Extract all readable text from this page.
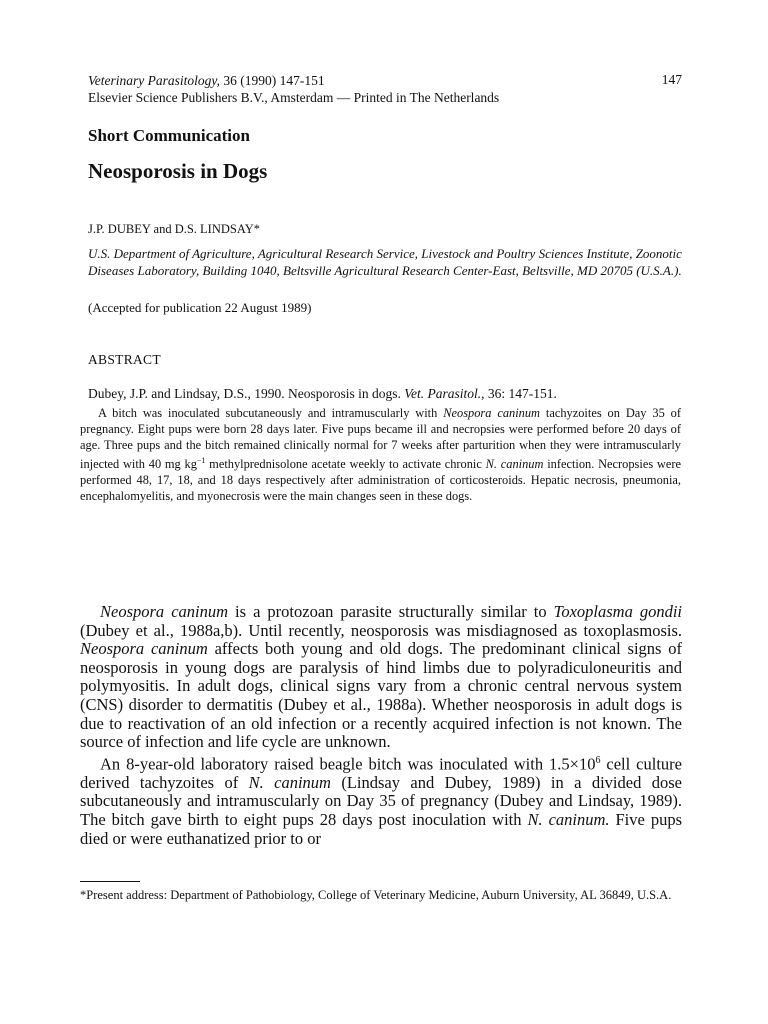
Veterinary Parasitology, 36 (1990) 147-151
Elsevier Science Publishers B.V., Amsterdam — Printed in The Netherlands
147
Short Communication
Neosporosis in Dogs
J.P. DUBEY and D.S. LINDSAY*
U.S. Department of Agriculture, Agricultural Research Service, Livestock and Poultry Sciences Institute, Zoonotic Diseases Laboratory, Building 1040, Beltsville Agricultural Research Center-East, Beltsville, MD 20705 (U.S.A.).
(Accepted for publication 22 August 1989)
ABSTRACT
Dubey, J.P. and Lindsay, D.S., 1990. Neosporosis in dogs. Vet. Parasitol., 36: 147-151.

A bitch was inoculated subcutaneously and intramuscularly with Neospora caninum tachyzoites on Day 35 of pregnancy. Eight pups were born 28 days later. Five pups became ill and necropsies were performed before 20 days of age. Three pups and the bitch remained clinically normal for 7 weeks after parturition when they were intramuscularly injected with 40 mg $kg^{-1}$ methylprednisolone acetate weekly to activate chronic N. caninum infection. Necropsies were performed 48, 17, 18, and 18 days respectively after administration of corticosteroids. Hepatic necrosis, pneumonia, encephalomyelitis, and myonecrosis were the main changes seen in these dogs.

Neospora caninum is a protozoan parasite structurally similar to Toxoplasma gondii (Dubey et al., 1988a,b). Until recently, neosporosis was misdiagnosed as toxoplasmosis. Neospora caninum affects both young and old dogs. The predominant clinical signs of neosporosis in young dogs are paralysis of hind limbs due to polyradiculoneuritis and polymyositis. In adult dogs, clinical signs vary from a chronic central nervous system (CNS) disorder to dermatitis (Dubey et al., 1988a). Whether neosporosis in adult dogs is due to reactivation of an old infection or a recently acquired infection is not known. The source of infection and life cycle are unknown.

An 8-year-old laboratory raised beagle bitch was inoculated with $1.5\times 10^6$ cell culture derived tachyzoites of N. caninum (Lindsay and Dubey, 1989) in a divided dose subcutaneously and intramuscularly on Day 35 of pregnancy (Dubey and Lindsay, 1989). The bitch gave birth to eight pups 28 days post inoculation with N. caninum. Five pups died or were euthanatized prior to or

*Present address: Department of Pathobiology, College of Veterinary Medicine, Auburn University, AL 36849, U.S.A.
